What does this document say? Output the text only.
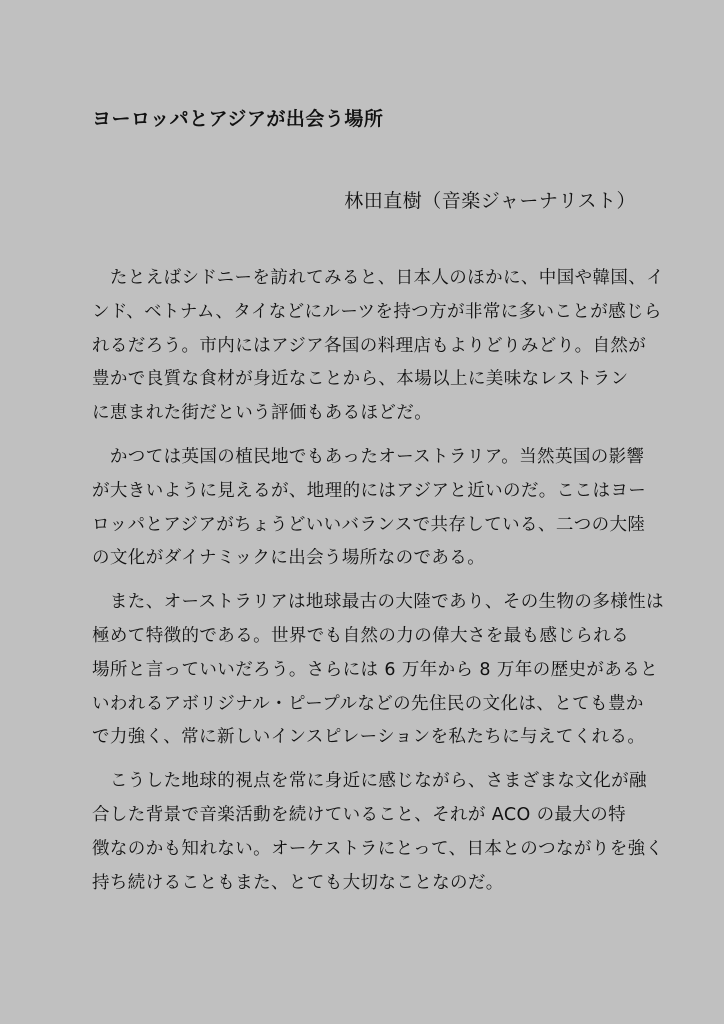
ヨーロッパとアジアが出会う場所
林田直樹（音楽ジャーナリスト）
　たとえばシドニーを訪れてみると、日本人のほかに、中国や韓国、イ
ンド、ベトナム、タイなどにルーツを持つ方が非常に多いことが感じら
れるだろう。市内にはアジア各国の料理店もよりどりみどり。自然が
豊かで良質な食材が身近なことから、本場以上に美味なレストラン
に恵まれた街だという評価もあるほどだ。
　かつては英国の植民地でもあったオーストラリア。当然英国の影響
が大きいように見えるが、地理的にはアジアと近いのだ。ここはヨー
ロッパとアジアがちょうどいいバランスで共存している、二つの大陸
の文化がダイナミックに出会う場所なのである。
　また、オーストラリアは地球最古の大陸であり、その生物の多様性は
極めて特徴的である。世界でも自然の力の偉大さを最も感じられる
場所と言っていいだろう。さらには 6 万年から 8 万年の歴史があると
いわれるアボリジナル・ピープルなどの先住民の文化は、とても豊か
で力強く、常に新しいインスピレーションを私たちに与えてくれる。
　こうした地球的視点を常に身近に感じながら、さまざまな文化が融
合した背景で音楽活動を続けていること、それが ACO の最大の特
徴なのかも知れない。オーケストラにとって、日本とのつながりを強く
持ち続けることもまた、とても大切なことなのだ。
